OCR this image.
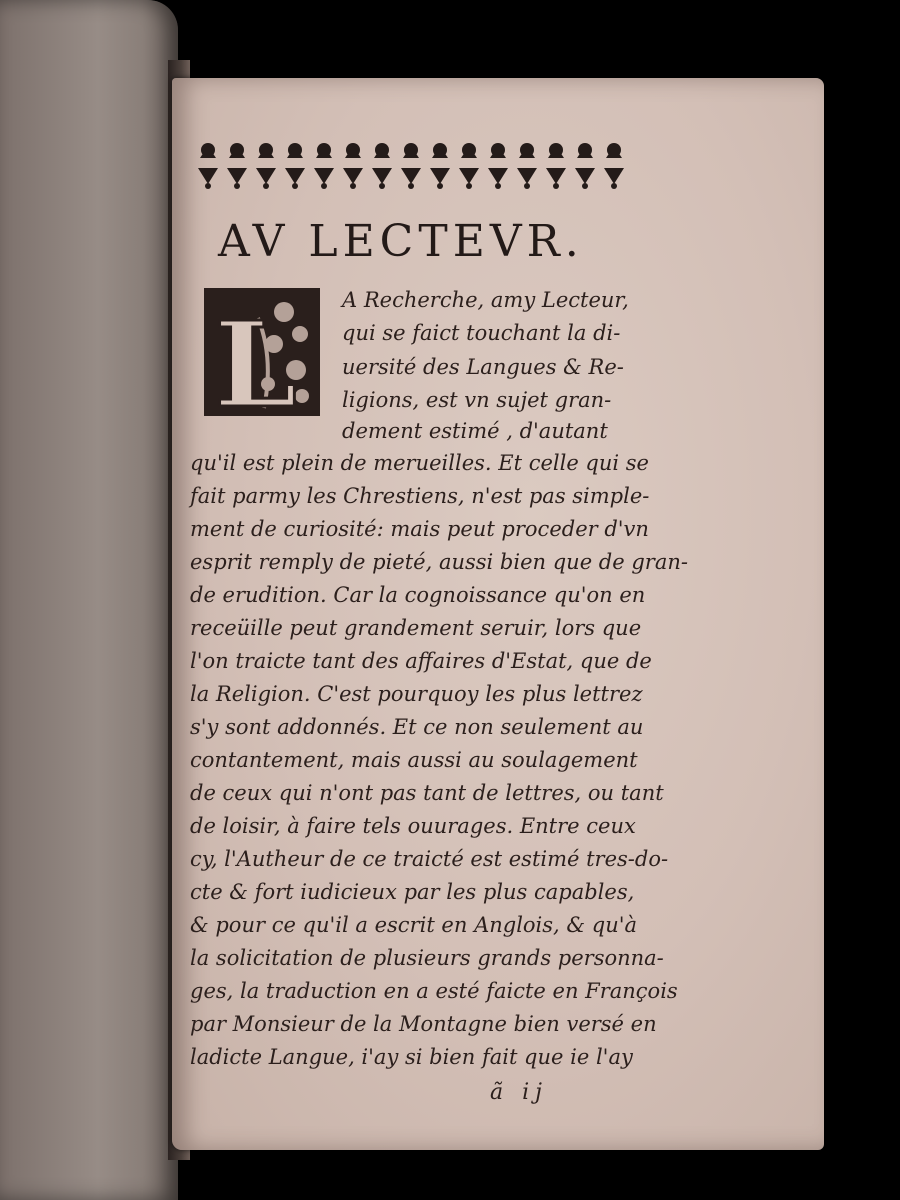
AV LECTEVR.
L A Recherche, amy Lecteur,

qui se faict touchant la di-

uersité des Langues & Re-

ligions, est vn sujet gran-

dement estimé , d'autant

qu'il est plein de merueilles. Et celle qui se

fait parmy les Chrestiens, n'est pas simple-

ment de curiosité: mais peut proceder d'vn

esprit remply de pieté, aussi bien que de gran-

de erudition. Car la cognoissance qu'on en

receüille peut grandement seruir, lors que

l'on traicte tant des affaires d'Estat, que de

la Religion. C'est pourquoy les plus lettrez

s'y sont addonnés. Et ce non seulement au

contantement, mais aussi au soulagement

de ceux qui n'ont pas tant de lettres, ou tant

de loisir, à faire tels ouurages. Entre ceux

cy, l'Autheur de ce traicté est estimé tres-do-

cte & fort iudicieux par les plus capables,

& pour ce qu'il a escrit en Anglois, & qu'à

la solicitation de plusieurs grands personna-

ges, la traduction en a esté faicte en François

par Monsieur de la Montagne bien versé en

ladicte Langue, i'ay si bien fait que ie l'ay

ã ij
